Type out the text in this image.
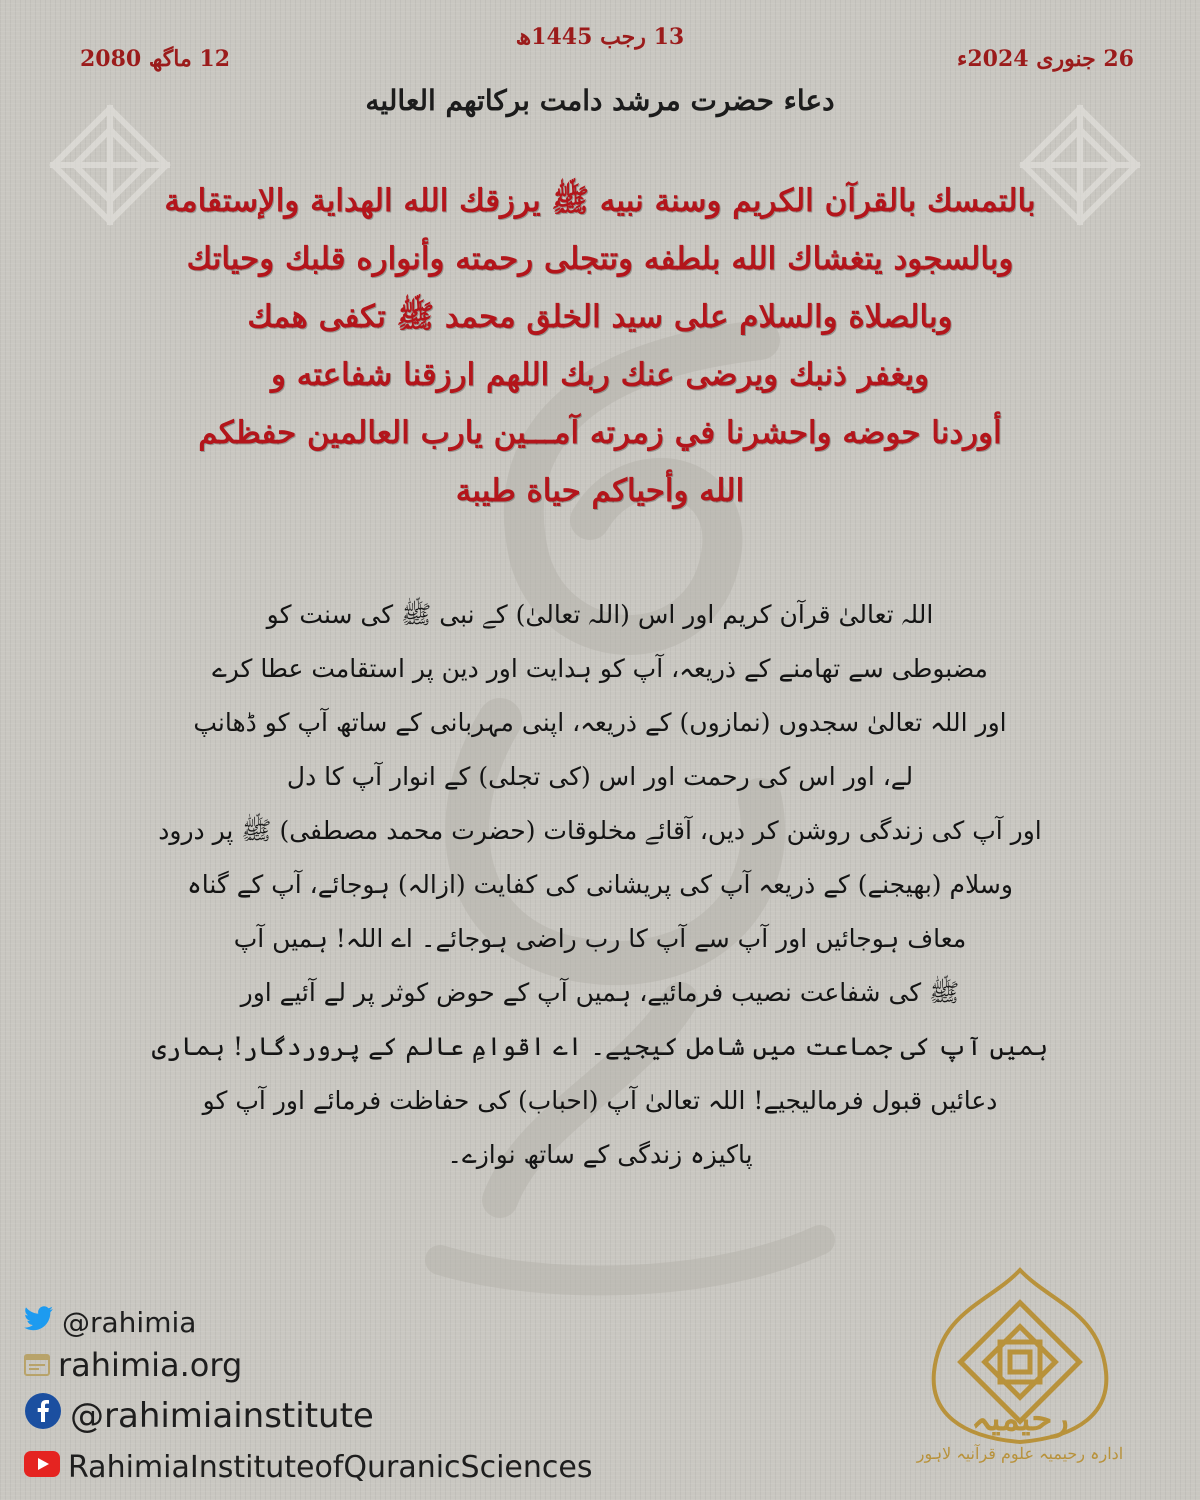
13 رجب 1445ھ
26 جنوری 2024ء
12 ماگھ 2080
دعاء حضرت مرشد دامت برکاتهم العاليه
بالتمسك بالقرآن الكريم وسنة نبيه ﷺ يرزقك الله الهداية والإستقامة
وبالسجود يتغشاك الله بلطفه وتتجلى رحمته وأنواره قلبك وحياتك
وبالصلاة والسلام على سيد الخلق محمد ﷺ تكفى همك
ويغفر ذنبك ويرضى عنك ربك اللهم ارزقنا شفاعته و
أوردنا حوضه واحشرنا في زمرته آمـــين يارب العالمين حفظكم
الله وأحياكم حياة طيبة
اللہ تعالیٰ قرآن کریم اور اس (اللہ تعالیٰ) کے نبی ﷺ کی سنت کو
مضبوطی سے تھامنے کے ذریعہ، آپ کو ہدایت اور دین پر استقامت عطا کرے
اور اللہ تعالیٰ سجدوں (نمازوں) کے ذریعہ، اپنی مہربانی کے ساتھ آپ کو ڈھانپ
لے، اور اس کی رحمت اور اس (کی تجلی) کے انوار آپ کا دل
اور آپ کی زندگی روشن کر دیں، آقائے مخلوقات (حضرت محمد مصطفی) ﷺ پر درود
وسلام (بھیجنے) کے ذریعہ آپ کی پریشانی کی کفایت (ازالہ) ہوجائے، آپ کے گناہ
معاف ہوجائیں اور آپ سے آپ کا رب راضی ہوجائے۔ اے اللہ! ہمیں آپ
ﷺ کی شفاعت نصیب فرمائیے، ہمیں آپ کے حوض کوثر پر لے آئیے اور
ہمیں آپ کی جماعت میں شامل کیجیے۔ اے اقوامِ عالم کے پروردگار! ہماری
دعائیں قبول فرمالیجیے! اللہ تعالیٰ آپ (احباب) کی حفاظت فرمائے اور آپ کو
پاکیزہ زندگی کے ساتھ نوازے۔
@rahimia
rahimia.org
@rahimiainstitute
RahimiaInstituteofQuranicSciences
رحیمیہ
ادارہ رحیمیہ علوم قرآنیہ لاہور
